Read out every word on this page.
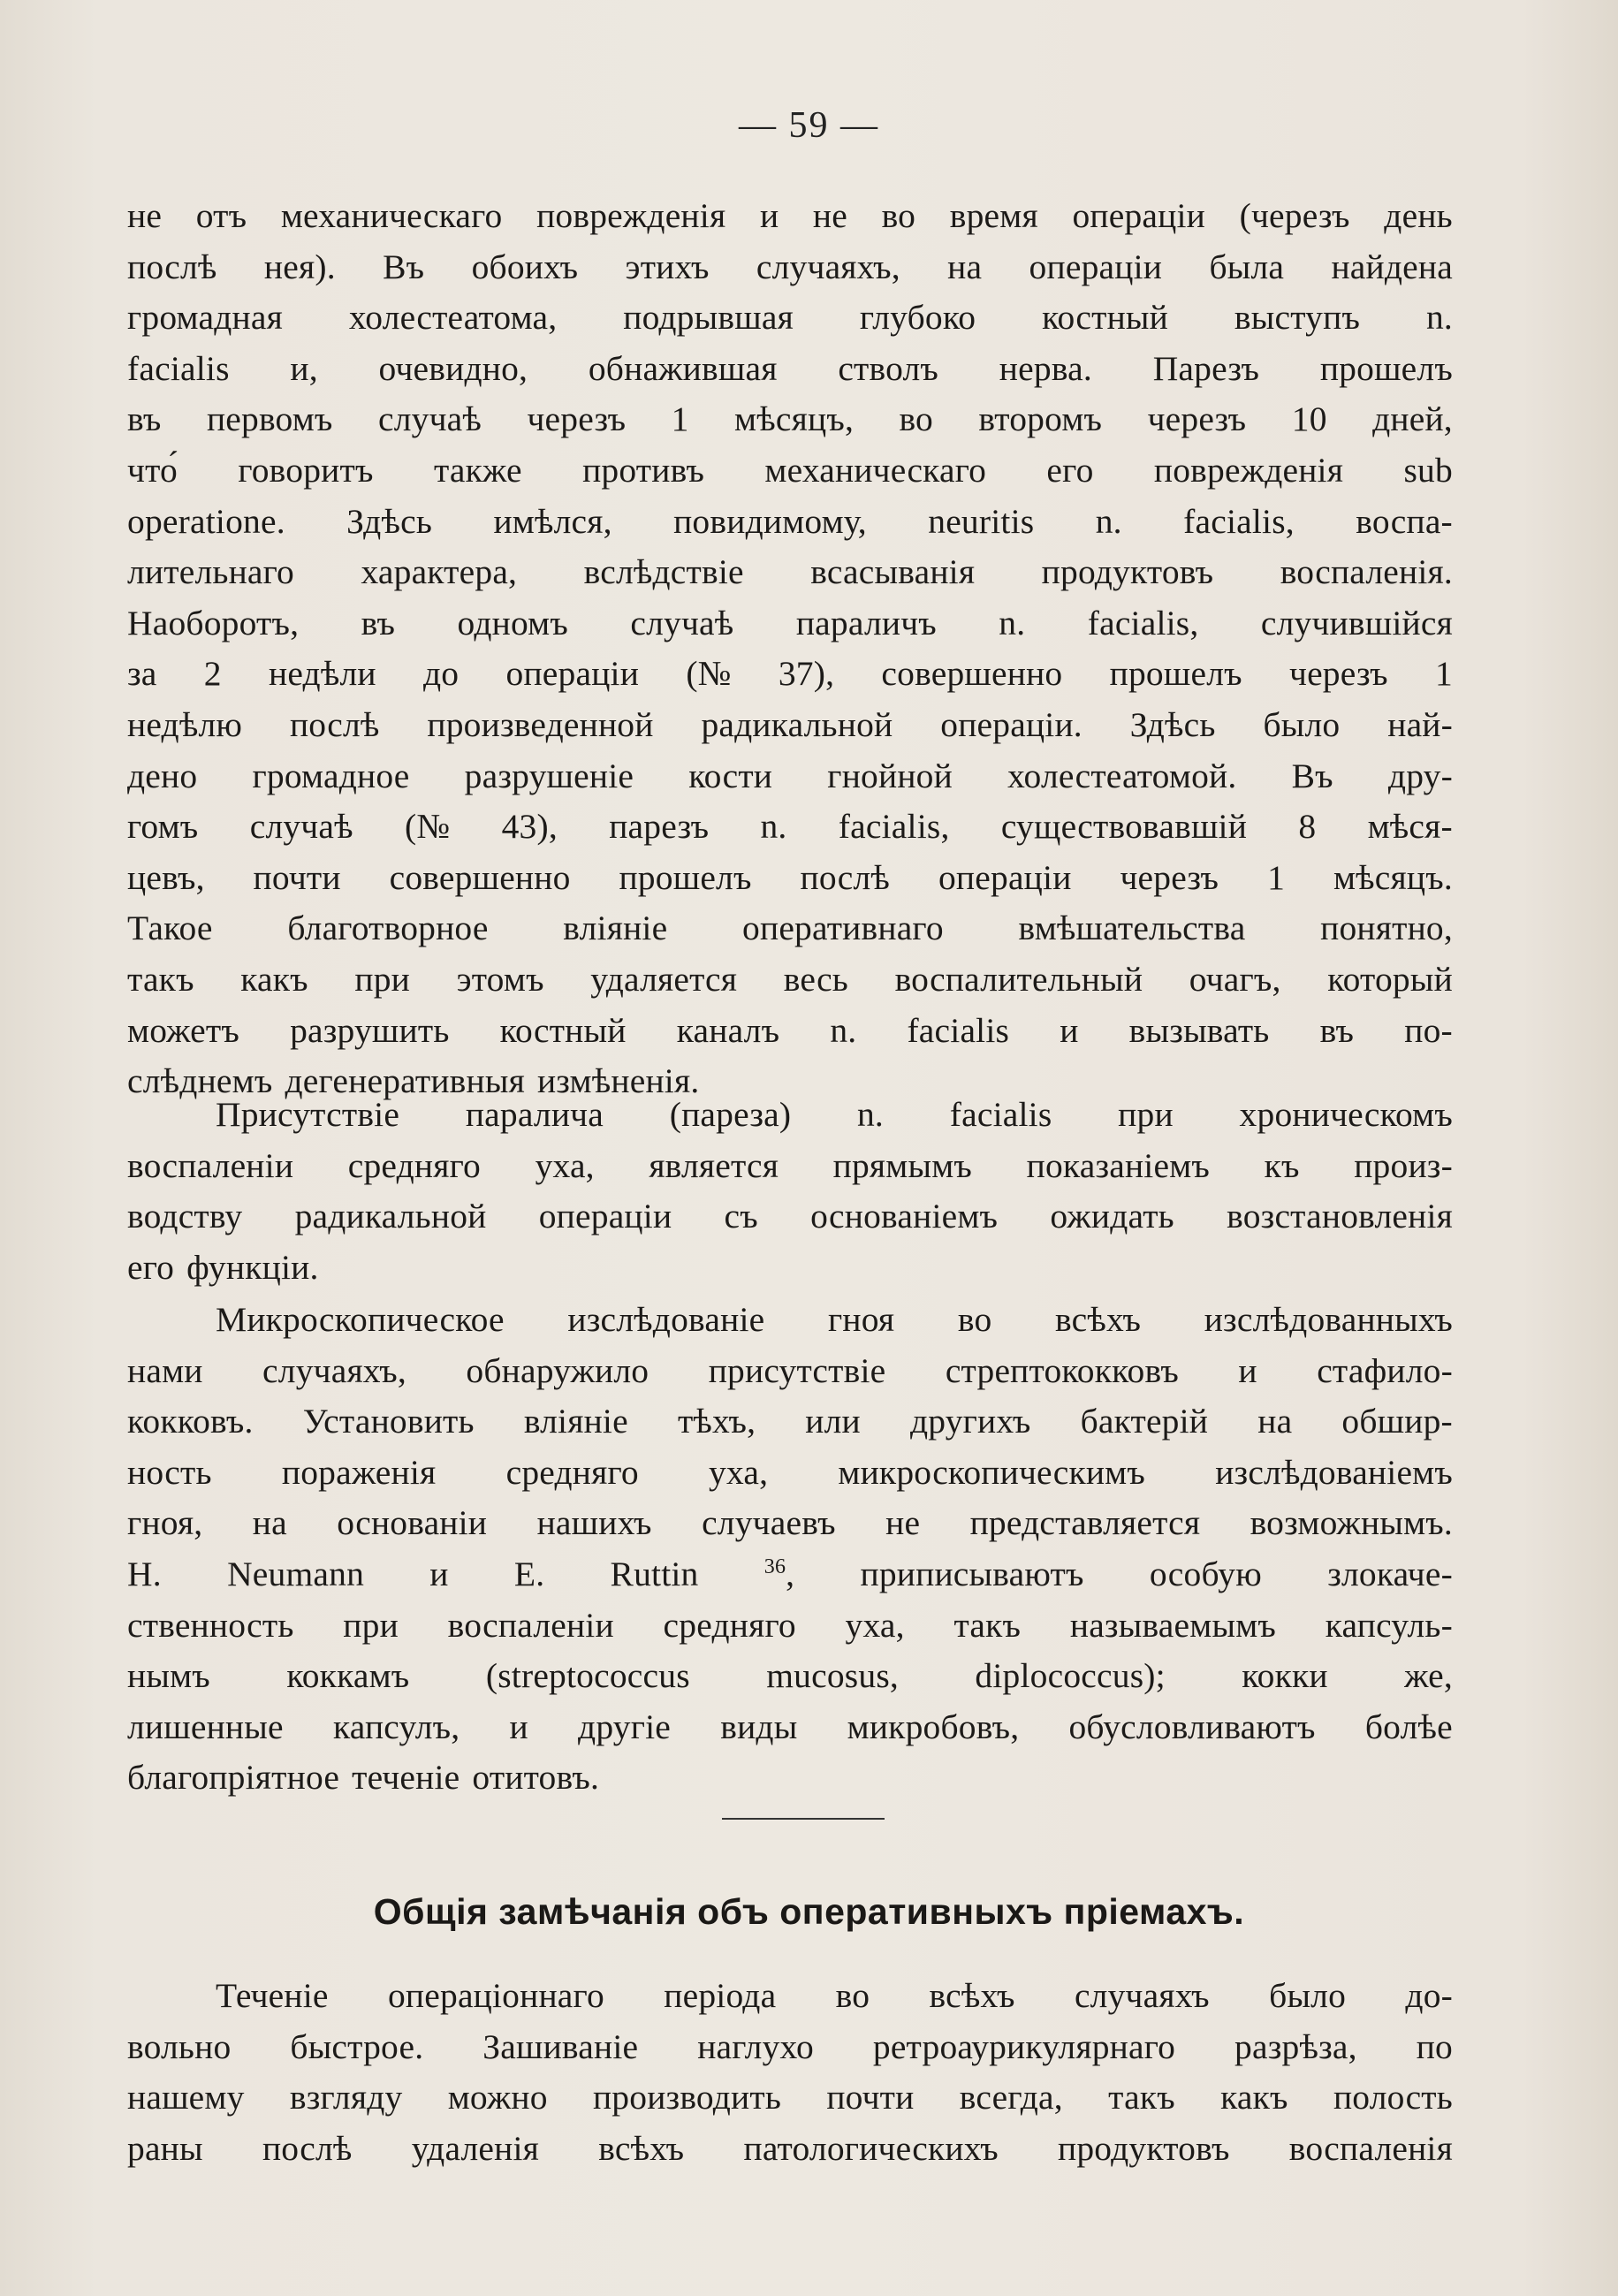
— 59 —
не отъ механическаго поврежденія и не во время операціи (черезъ день
послѣ нея). Въ обоихъ этихъ случаяхъ, на операціи была найдена
громадная холестеатома, подрывшая глубоко костный выступъ n.
facialis и, очевидно, обнажившая стволъ нерва. Парезъ прошелъ
въ первомъ случаѣ черезъ 1 мѣсяцъ, во второмъ черезъ 10 дней,
что́ говоритъ также противъ механическаго его поврежденія sub
operatione. Здѣсь имѣлся, повидимому, neuritis n. facialis, воспа-
лительнаго характера, вслѣдствіе всасыванія продуктовъ воспаленія.
Наоборотъ, въ одномъ случаѣ параличъ n. facialis, случившійся
за 2 недѣли до операціи (№ 37), совершенно прошелъ черезъ 1
недѣлю послѣ произведенной радикальной операціи. Здѣсь было най-
дено громадное разрушеніе кости гнойной холестеатомой. Въ дру-
гомъ случаѣ (№ 43), парезъ n. facialis, существовавшій 8 мѣся-
цевъ, почти совершенно прошелъ послѣ операціи черезъ 1 мѣсяцъ.
Такое благотворное вліяніе оперативнаго вмѣшательства понятно,
такъ какъ при этомъ удаляется весь воспалительный очагъ, который
можетъ разрушить костный каналъ n. facialis и вызывать въ по-
слѣднемъ дегенеративныя измѣненія.
Присутствіе паралича (пареза) n. facialis при хроническомъ
воспаленіи средняго уха, является прямымъ показаніемъ къ произ-
водству радикальной операціи съ основаніемъ ожидать возстановленія
его функціи.
Микроскопическое изслѣдованіе гноя во всѣхъ изслѣдованныхъ
нами случаяхъ, обнаружило присутствіе стрептококковъ и стафило-
кокковъ. Установить вліяніе тѣхъ, или другихъ бактерій на обшир-
ность пораженія средняго уха, микроскопическимъ изслѣдованіемъ
гноя, на основаніи нашихъ случаевъ не представляется возможнымъ.
H. Neumann и E. Ruttin	$^{36}$, приписываютъ особую злокаче-
ственность при воспаленіи средняго уха, такъ называемымъ капсуль-
нымъ коккамъ (streptococcus mucosus, diplococcus); кокки же,
лишенные капсулъ, и другіе виды микробовъ, обусловливаютъ болѣе
благопріятное теченіе отитовъ.
Общія замѣчанія объ оперативныхъ пріемахъ.
Теченіе операціоннаго періода во всѣхъ случаяхъ было до-
вольно быстрое. Зашиваніе наглухо ретроаурикулярнаго разрѣза, по
нашему взгляду можно производить почти всегда, такъ какъ полость
раны послѣ удаленія всѣхъ патологическихъ продуктовъ воспаленія
